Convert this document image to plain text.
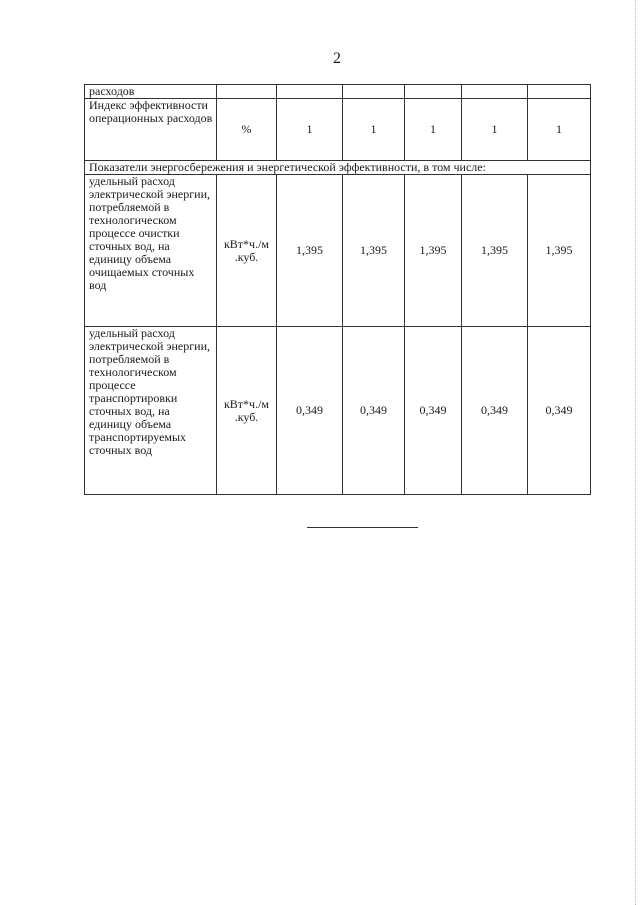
2
расходов						
Индекс эффективности операционных расходов	%	1	1	1	1	1
Показатели энергосбережения и энергетической эффективности, в том числе:						
удельный расход электрической энергии, потребляемой в технологическом процессе очистки сточных вод, на единицу объема очищаемых сточных вод	кВт*ч./м .куб.	1,395	1,395	1,395	1,395	1,395
удельный расход электрической энергии, потребляемой в технологическом процессе транспортировки сточных вод, на единицу объема транспортируемых сточных вод	кВт*ч./м .куб.	0,349	0,349	0,349	0,349	0,349
